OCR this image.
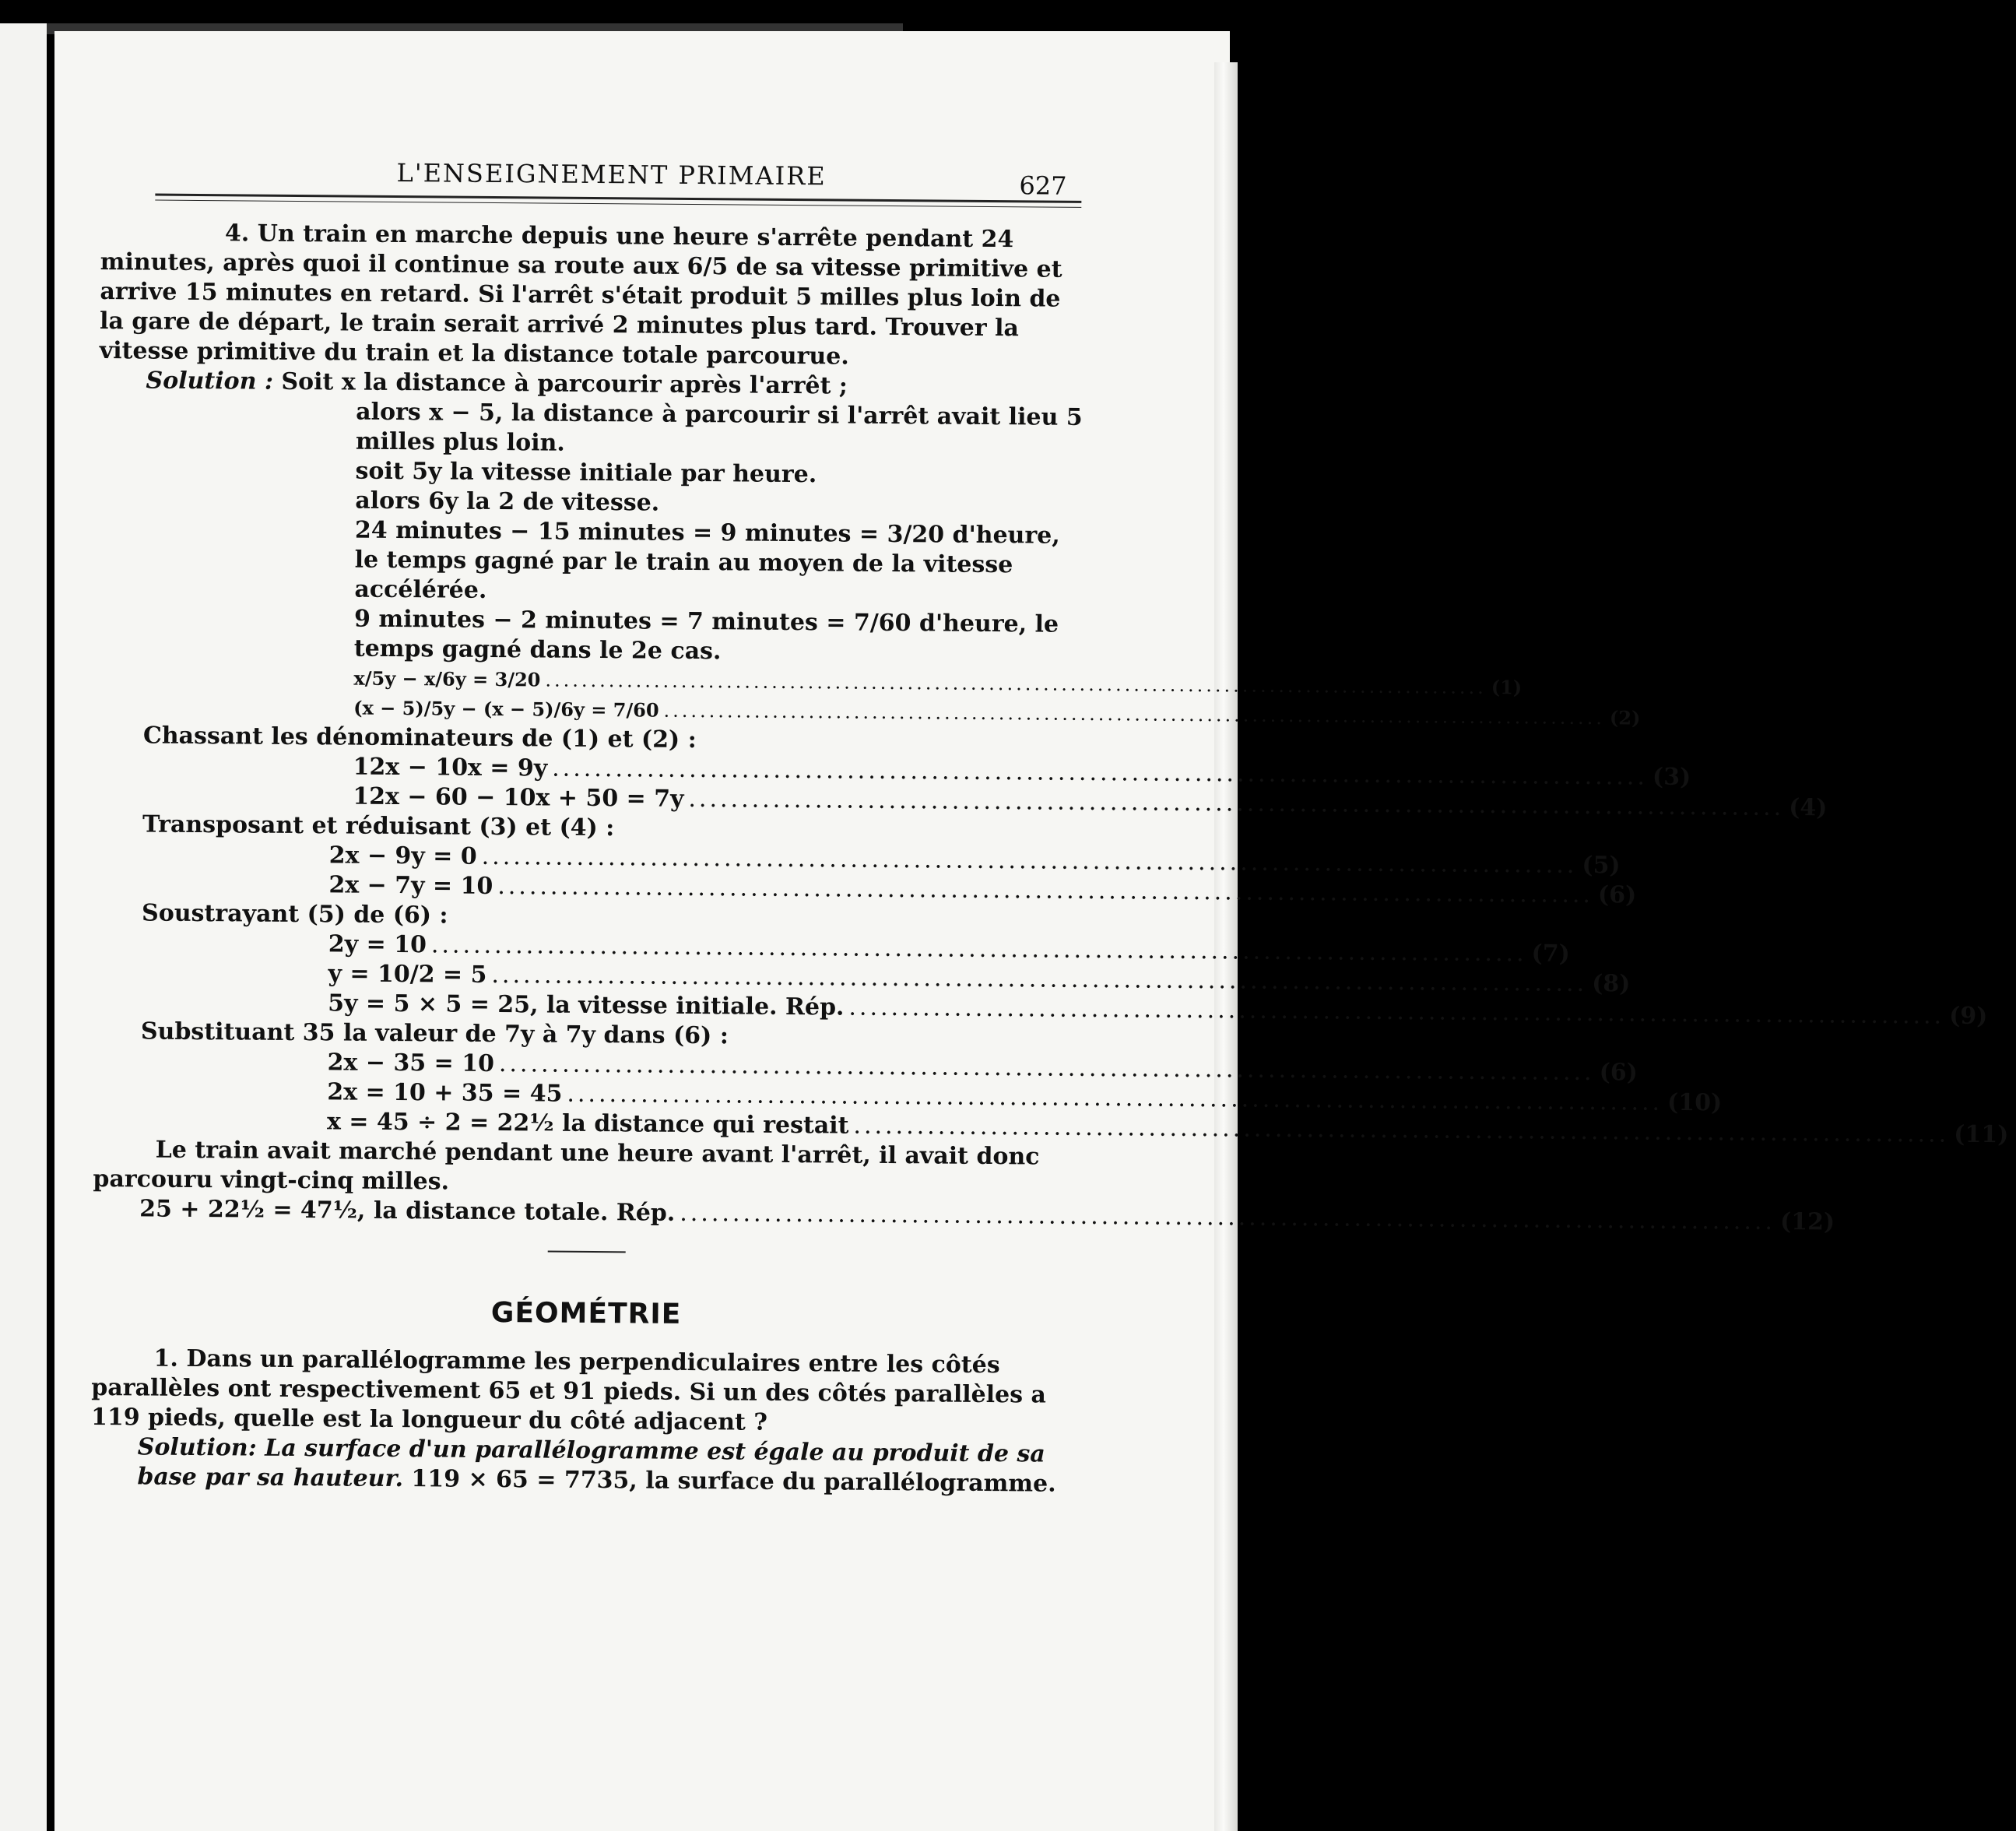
L'ENSEIGNEMENT PRIMAIRE	627

4. Un train en marche depuis une heure s'arrête pendant 24 minutes, après quoi il continue sa route aux 6/5 de sa vitesse primitive et arrive 15 minutes en retard. Si l'arrêt s'était produit 5 milles plus loin de la gare de départ, le train serait arrivé 2 minutes plus tard. Trouver la vitesse primitive du train et la distance totale parcourue.

Solution : Soit x la distance à parcourir après l'arrêt ;

alors x − 5, la distance à parcourir si l'arrêt avait lieu 5 milles plus loin.

soit 5y la vitesse initiale par heure.

alors 6y la 2 de vitesse.

24 minutes − 15 minutes = 9 minutes = 3/20 d'heure, le temps gagné par le train au moyen de la vitesse accélérée.

9 minutes − 2 minutes = 7 minutes = 7/60 d'heure, le temps gagné dans le 2e cas.

x/5y − x/6y = 3/20 ........................................................................................................ (1)
(x − 5)/5y − (x − 5)/6y = 7/60 ........................................................................................................ (2)

Chassant les dénominateurs de (1) et (2) :

12x − 10x = 9y ........................................................................................................ (3)
12x − 60 − 10x + 50 = 7y ........................................................................................................ (4)

Transposant et réduisant (3) et (4) :

2x − 9y = 0 ........................................................................................................ (5)
2x − 7y = 10 ........................................................................................................ (6)

Soustrayant (5) de (6) :

2y = 10 ........................................................................................................ (7)
y = 10/2 = 5 ........................................................................................................ (8)
5y = 5 × 5 = 25, la vitesse initiale. Rép. ........................................................................................................ (9)

Substituant 35 la valeur de 7y à 7y dans (6) :

2x − 35 = 10 ........................................................................................................ (6)
2x = 10 + 35 = 45 ........................................................................................................ (10)
x = 45 ÷ 2 = 22½ la distance qui restait ........................................................................................................ (11)

Le train avait marché pendant une heure avant l'arrêt, il avait donc parcouru vingt-cinq milles.

25 + 22½ = 47½, la distance totale. Rép. ........................................................................................................ (12)
GÉOMÉTRIE

1. Dans un parallélogramme les perpendiculaires entre les côtés parallèles ont respectivement 65 et 91 pieds. Si un des côtés parallèles a 119 pieds, quelle est la longueur du côté adjacent ?

Solution: La surface d'un parallélogramme est égale au produit de sa base par sa hauteur. 119 × 65 = 7735, la surface du parallélogramme.
